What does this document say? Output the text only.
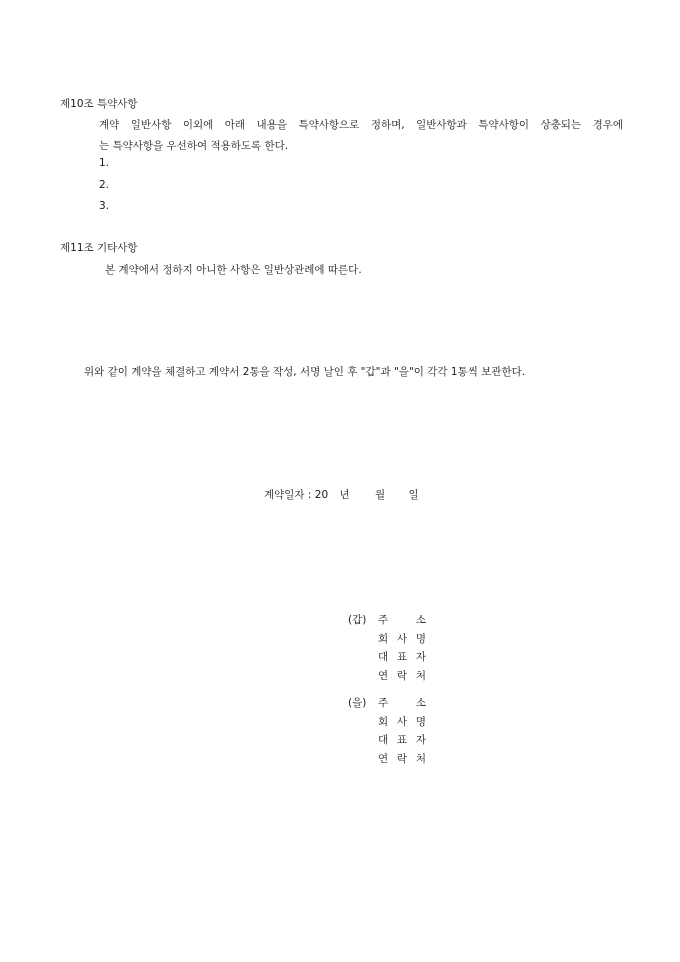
제10조 특약사항
계약 일반사항 이외에 아래 내용을 특약사항으로 정하며, 일반사항과 특약사항이 상충되는 경우에
는 특약사항을 우선하여 적용하도록 한다.
1.
2.
3.
제11조 기타사항
본 계약에서 정하지 아니한 사항은 일반상관례에 따른다.
위와 같이 계약을 체결하고 계약서 2통을 작성, 서명 날인 후 "갑"과 "을"이 각각 1통씩 보관한다.
계약일자 : 20 년 월 일
(갑)	주	소
회 사 명
대 표 자
연 락 처
(을)	주	소
회 사 명
대 표 자
연 락 처
